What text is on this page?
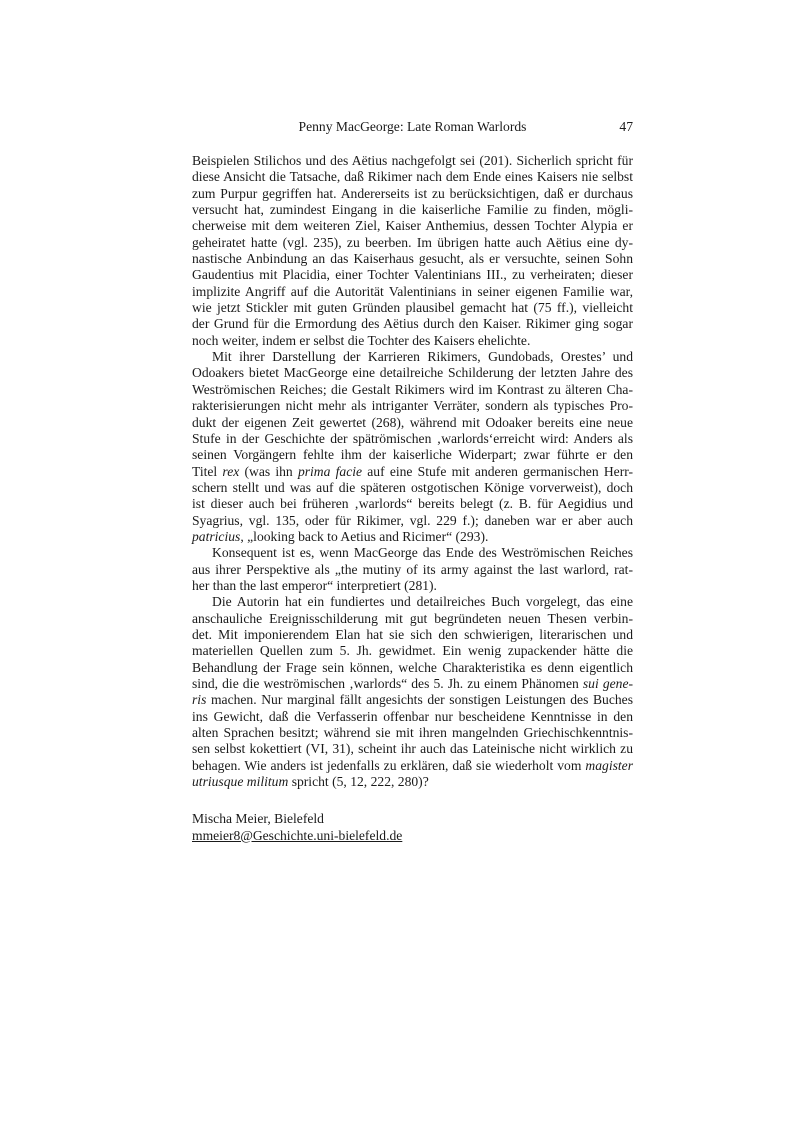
Penny MacGeorge: Late Roman Warlords	47
Beispielen Stilichos und des Aëtius nachgefolgt sei (201). Sicherlich spricht für
diese Ansicht die Tatsache, daß Rikimer nach dem Ende eines Kaisers nie selbst
zum Purpur gegriffen hat. Andererseits ist zu berücksichtigen, daß er durchaus
versucht hat, zumindest Eingang in die kaiserliche Familie zu finden, mögli-
cherweise mit dem weiteren Ziel, Kaiser Anthemius, dessen Tochter Alypia er
geheiratet hatte (vgl. 235), zu beerben. Im übrigen hatte auch Aëtius eine dy-
nastische Anbindung an das Kaiserhaus gesucht, als er versuchte, seinen Sohn
Gaudentius mit Placidia, einer Tochter Valentinians III., zu verheiraten; dieser
implizite Angriff auf die Autorität Valentinians in seiner eigenen Familie war,
wie jetzt Stickler mit guten Gründen plausibel gemacht hat (75 ff.), vielleicht
der Grund für die Ermordung des Aëtius durch den Kaiser. Rikimer ging sogar
noch weiter, indem er selbst die Tochter des Kaisers ehelichte.
Mit ihrer Darstellung der Karrieren Rikimers, Gundobads, Orestes’ und
Odoakers bietet MacGeorge eine detailreiche Schilderung der letzten Jahre des
Weströmischen Reiches; die Gestalt Rikimers wird im Kontrast zu älteren Cha-
rakterisierungen nicht mehr als intriganter Verräter, sondern als typisches Pro-
dukt der eigenen Zeit gewertet (268), während mit Odoaker bereits eine neue
Stufe in der Geschichte der spätrömischen ‚warlords‘erreicht wird: Anders als
seinen Vorgängern fehlte ihm der kaiserliche Widerpart; zwar führte er den
Titel rex (was ihn prima facie auf eine Stufe mit anderen germanischen Herr-
schern stellt und was auf die späteren ostgotischen Könige vorverweist), doch
ist dieser auch bei früheren ‚warlords“ bereits belegt (z. B. für Aegidius und
Syagrius, vgl. 135, oder für Rikimer, vgl. 229 f.); daneben war er aber auch
patricius, „looking back to Aetius and Ricimer“ (293).
Konsequent ist es, wenn MacGeorge das Ende des Weströmischen Reiches
aus ihrer Perspektive als „the mutiny of its army against the last warlord, rat-
her than the last emperor“ interpretiert (281).
Die Autorin hat ein fundiertes und detailreiches Buch vorgelegt, das eine
anschauliche Ereignisschilderung mit gut begründeten neuen Thesen verbin-
det. Mit imponierendem Elan hat sie sich den schwierigen, literarischen und
materiellen Quellen zum 5. Jh. gewidmet. Ein wenig zupackender hätte die
Behandlung der Frage sein können, welche Charakteristika es denn eigentlich
sind, die die weströmischen ‚warlords“ des 5. Jh. zu einem Phänomen sui gene-
ris machen. Nur marginal fällt angesichts der sonstigen Leistungen des Buches
ins Gewicht, daß die Verfasserin offenbar nur bescheidene Kenntnisse in den
alten Sprachen besitzt; während sie mit ihren mangelnden Griechischkenntnis-
sen selbst kokettiert (VI, 31), scheint ihr auch das Lateinische nicht wirklich zu
behagen. Wie anders ist jedenfalls zu erklären, daß sie wiederholt vom magister
utriusque militum spricht (5, 12, 222, 280)?
Mischa Meier, Bielefeld
mmeier8@Geschichte.uni-bielefeld.de
